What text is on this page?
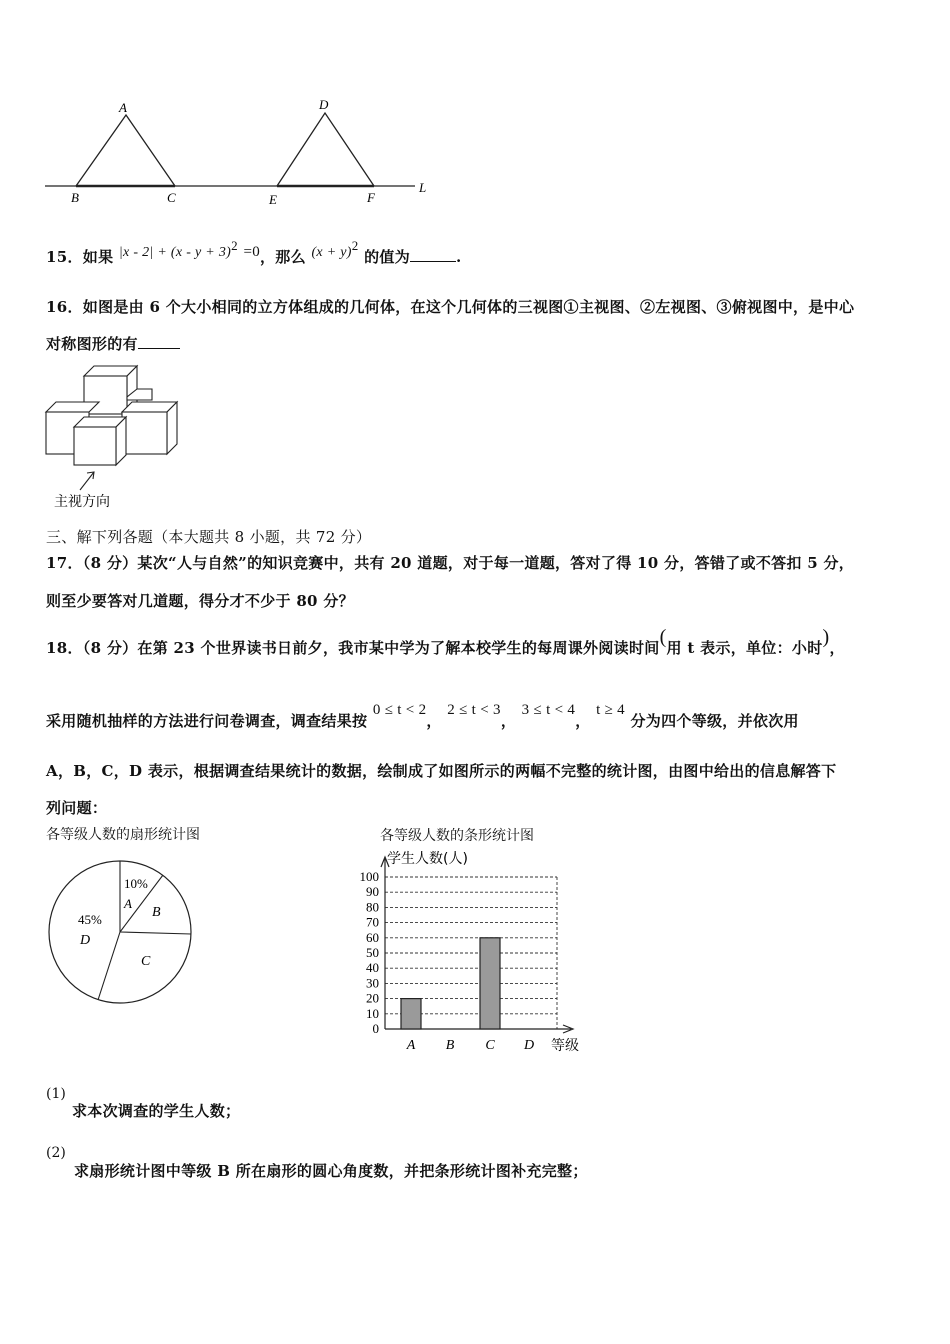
A
B	C
D
E	F
L
15．如果 $|x - 2| + (x - y + 3)^2 =0$，那么 $(x + y)^2$ 的值为	.
16．如图是由 6 个大小相同的立方体组成的几何体，在这个几何体的三视图①主视图、②左视图、③俯视图中，是中心
对称图形的有
主视方向
三、解下列各题（本大题共 8 小题，共 72 分）
17．（8 分）某次“人与自然”的知识竞赛中，共有 20 道题，对于每一道题，答对了得 10 分，答错了或不答扣 5 分，
则至少要答对几道题，得分才不少于 80 分？
18．（8 分）在第 23 个世界读书日前夕，我市某中学为了解本校学生的每周课外阅读时间(用 t 表示，单位：小时)，
采用随机抽样的方法进行问卷调查，调查结果按 0 ≤ t < 2， 2 ≤ t < 3， 3 ≤ t < 4， t ≥ 4 分为四个等级，并依次用
A，B，C，D 表示，根据调查结果统计的数据，绘制成了如图所示的两幅不完整的统计图，由图中给出的信息解答下
列问题：
各等级人数的扇形统计图
10%
A
B
C
45%
D
各等级人数的条形统计图
学生人数(人)
等级
0
10
20
30
40
50
60
70
80
90
100
A B C D
(1)
求本次调查的学生人数；
(2)
求扇形统计图中等级 B 所在扇形的圆心角度数，并把条形统计图补充完整；
